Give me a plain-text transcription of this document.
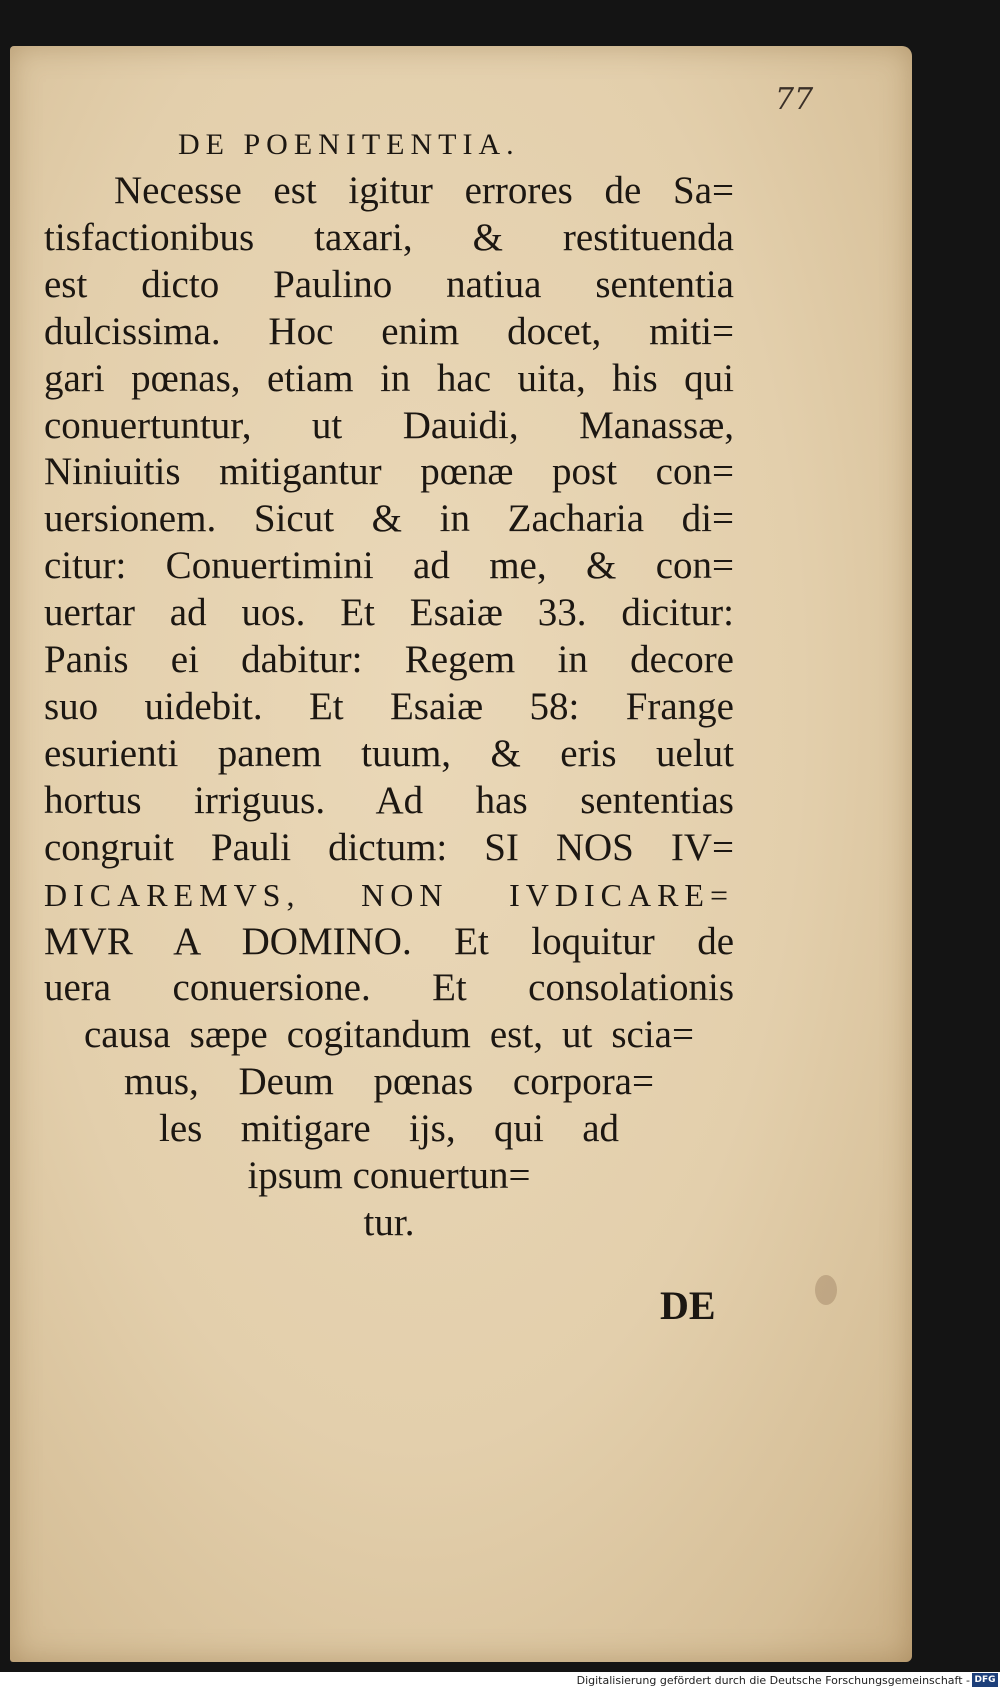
77
DE POENITENTIA.
Necesse est igitur errores de Sa=
tisfactionibus taxari, & restituenda
est dicto Paulino natiua sententia
dulcissima. Hoc enim docet, miti=
gari pœnas, etiam in hac uita, his qui
conuertuntur, ut Dauidi, Manassæ,
Niniuitis mitigantur pœnæ post con=
uersionem. Sicut & in Zacharia di=
citur: Conuertimini ad me, & con=
uertar ad uos. Et Esaiæ 33. dicitur:
Panis ei dabitur: Regem in decore
suo uidebit. Et Esaiæ 58: Frange
esurienti panem tuum, & eris uelut
hortus irriguus. Ad has sententias
congruit Pauli dictum: SI NOS IV=
DICAREMVS, NON IVDICARE=
MVR A DOMINO. Et loquitur de
uera conuersione. Et consolationis
causa sæpe cogitandum est, ut scia=
mus, Deum pœnas corpora=
les mitigare ijs, qui ad
ipsum conuertun=
tur.
DE
Digitalisierung gefördert durch die Deutsche Forschungsgemeinschaft - DFG
